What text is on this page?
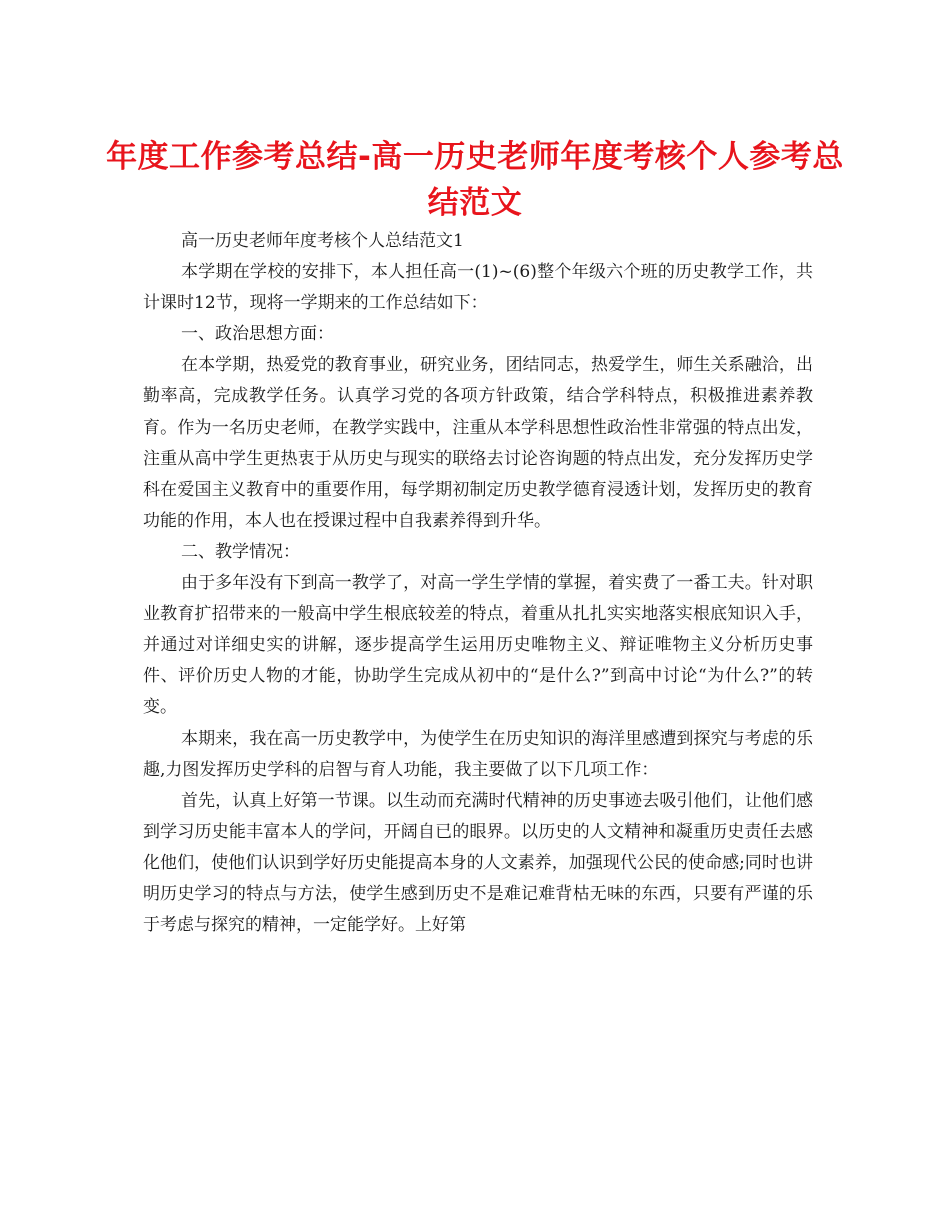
年度工作参考总结-高一历史老师年度考核个人参考总结范文

高一历史老师年度考核个人总结范文1

本学期在学校的安排下，本人担任高一(1)~(6)整个年级六个班的历史教学工作，共计课时12节，现将一学期来的工作总结如下：

一、政治思想方面：

在本学期，热爱党的教育事业，研究业务，团结同志，热爱学生，师生关系融洽，出勤率高，完成教学任务。认真学习党的各项方针政策，结合学科特点，积极推进素养教育。作为一名历史老师，在教学实践中，注重从本学科思想性政治性非常强的特点出发，注重从高中学生更热衷于从历史与现实的联络去讨论咨询题的特点出发，充分发挥历史学科在爱国主义教育中的重要作用，每学期初制定历史教学德育浸透计划，发挥历史的教育功能的作用，本人也在授课过程中自我素养得到升华。

二、教学情况：

由于多年没有下到高一教学了，对高一学生学情的掌握，着实费了一番工夫。针对职业教育扩招带来的一般高中学生根底较差的特点，着重从扎扎实实地落实根底知识入手，并通过对详细史实的讲解，逐步提高学生运用历史唯物主义、辩证唯物主义分析历史事件、评价历史人物的才能，协助学生完成从初中的“是什么?”到高中讨论“为什么?”的转变。

本期来，我在高一历史教学中，为使学生在历史知识的海洋里感遭到探究与考虑的乐趣,力图发挥历史学科的启智与育人功能，我主要做了以下几项工作：

首先，认真上好第一节课。以生动而充满时代精神的历史事迹去吸引他们，让他们感到学习历史能丰富本人的学问，开阔自已的眼界。以历史的人文精神和凝重历史责任去感化他们，使他们认识到学好历史能提高本身的人文素养，加强现代公民的使命感;同时也讲明历史学习的特点与方法，使学生感到历史不是难记难背枯无味的东西，只要有严谨的乐于考虑与探究的精神，一定能学好。上好第
